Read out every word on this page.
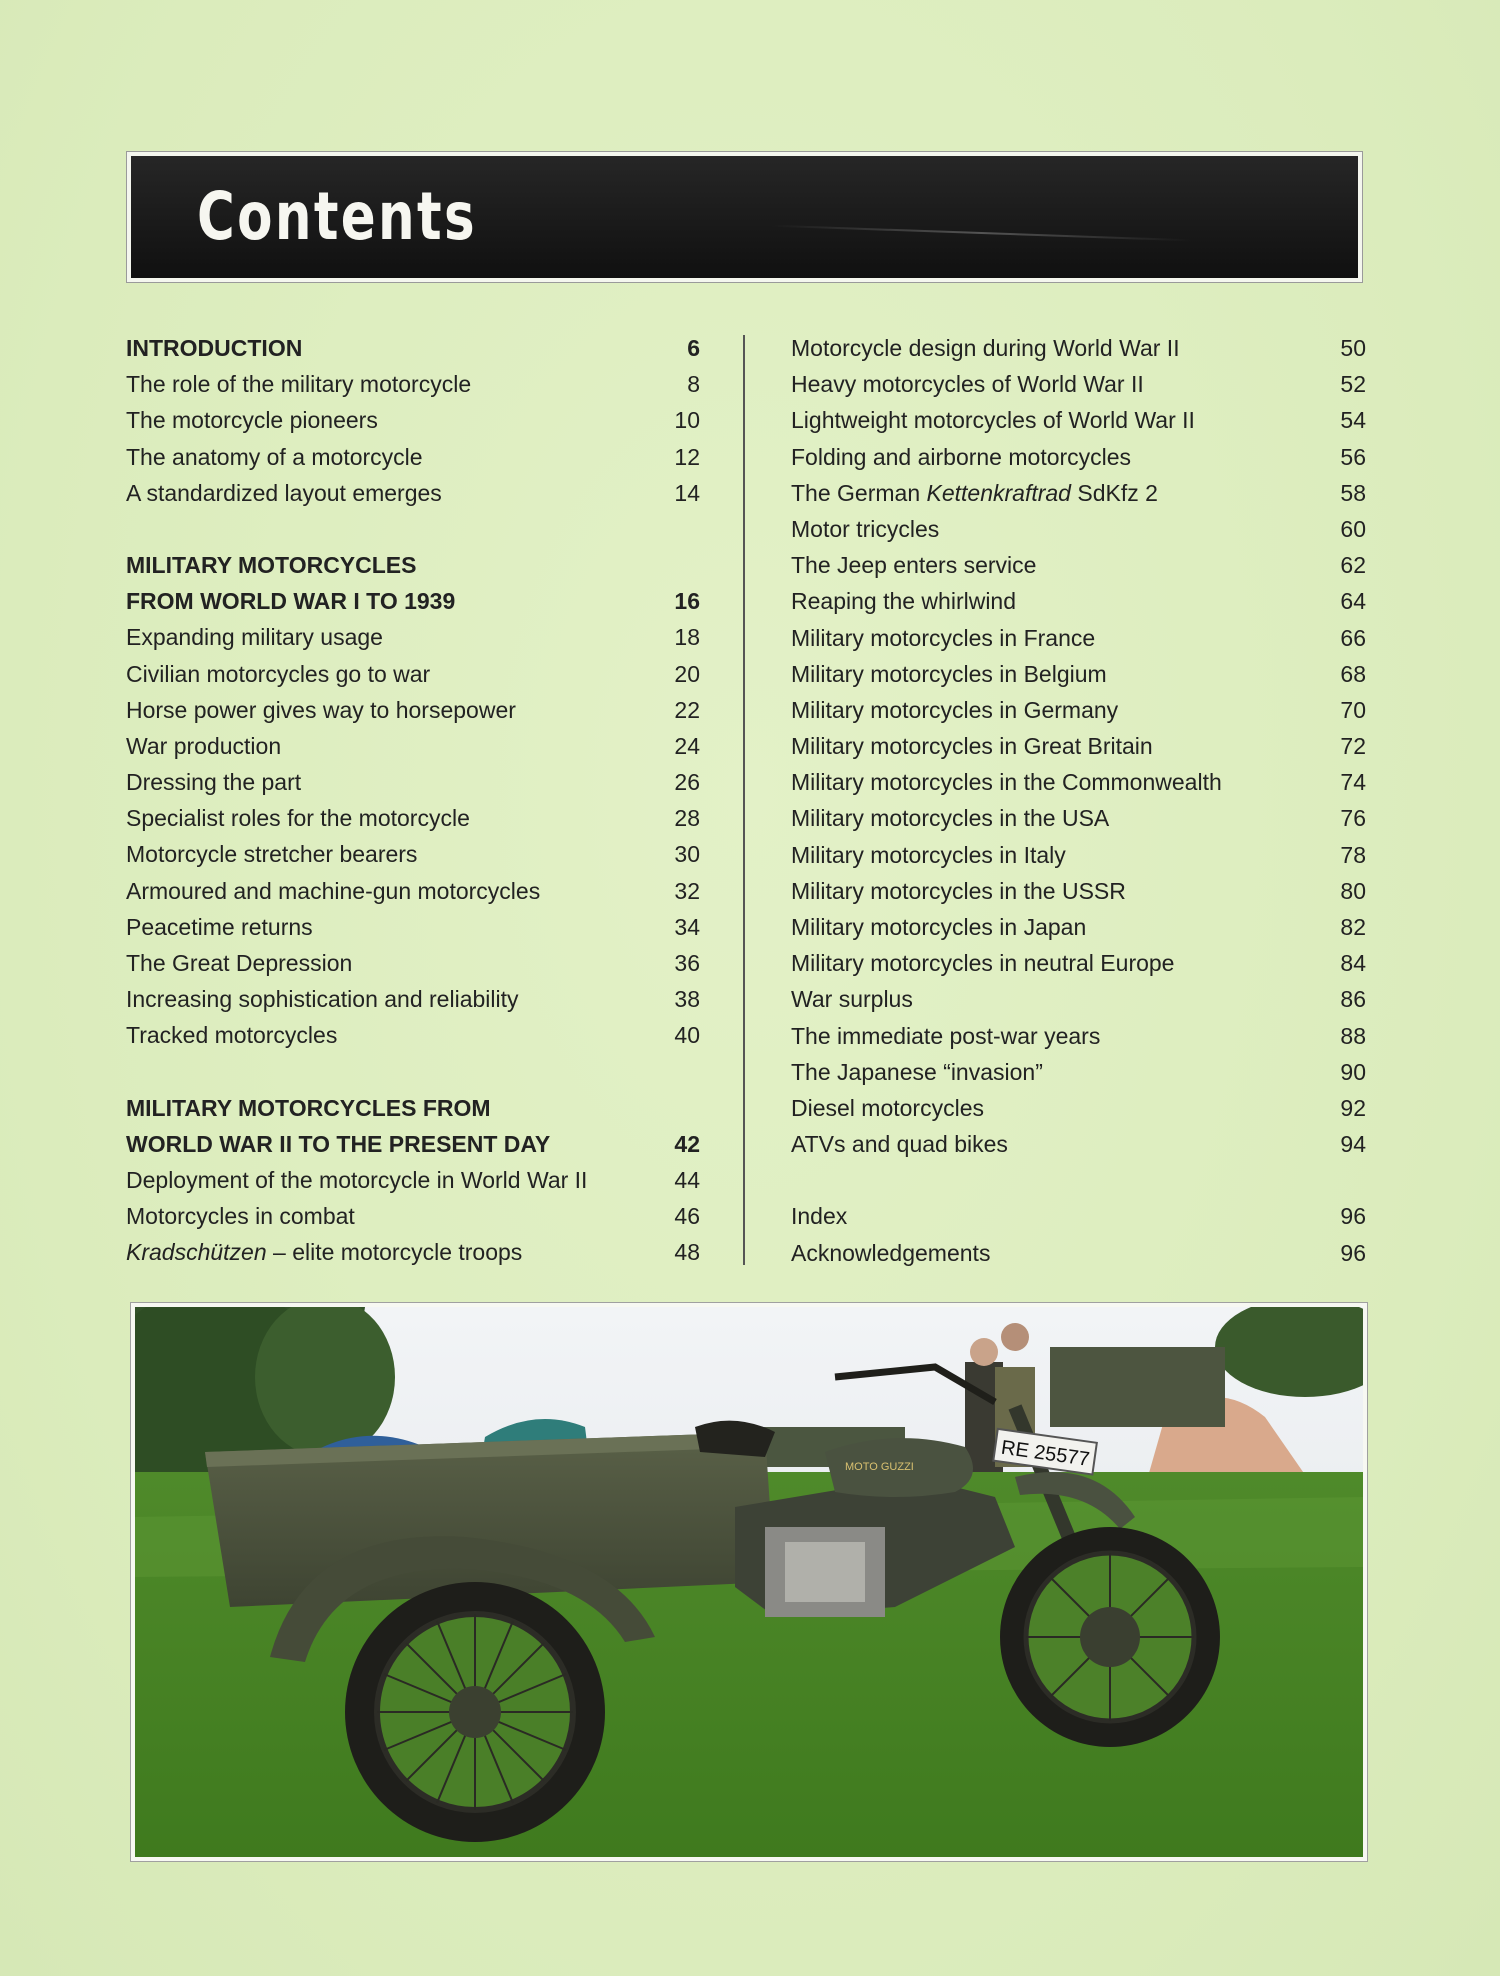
Contents
INTRODUCTION	6
The role of the military motorcycle	8
The motorcycle pioneers	10
The anatomy of a motorcycle	12
A standardized layout emerges	14
MILITARY MOTORCYCLES
FROM WORLD WAR I TO 1939	16
Expanding military usage	18
Civilian motorcycles go to war	20
Horse power gives way to horsepower	22
War production	24
Dressing the part	26
Specialist roles for the motorcycle	28
Motorcycle stretcher bearers	30
Armoured and machine-gun motorcycles	32
Peacetime returns	34
The Great Depression	36
Increasing sophistication and reliability	38
Tracked motorcycles	40
MILITARY MOTORCYCLES FROM
WORLD WAR II TO THE PRESENT DAY	42
Deployment of the motorcycle in World War II	44
Motorcycles in combat	46
Kradschützen – elite motorcycle troops	48
Motorcycle design during World War II	50
Heavy motorcycles of World War II	52
Lightweight motorcycles of World War II	54
Folding and airborne motorcycles	56
The German Kettenkraftrad SdKfz 2	58
Motor tricycles	60
The Jeep enters service	62
Reaping the whirlwind	64
Military motorcycles in France	66
Military motorcycles in Belgium	68
Military motorcycles in Germany	70
Military motorcycles in Great Britain	72
Military motorcycles in the Commonwealth	74
Military motorcycles in the USA	76
Military motorcycles in Italy	78
Military motorcycles in the USSR	80
Military motorcycles in Japan	82
Military motorcycles in neutral Europe	84
War surplus	86
The immediate post-war years	88
The Japanese “invasion”	90
Diesel motorcycles	92
ATVs and quad bikes	94
Index	96
Acknowledgements	96
MOTO GUZZI	RE 25577
